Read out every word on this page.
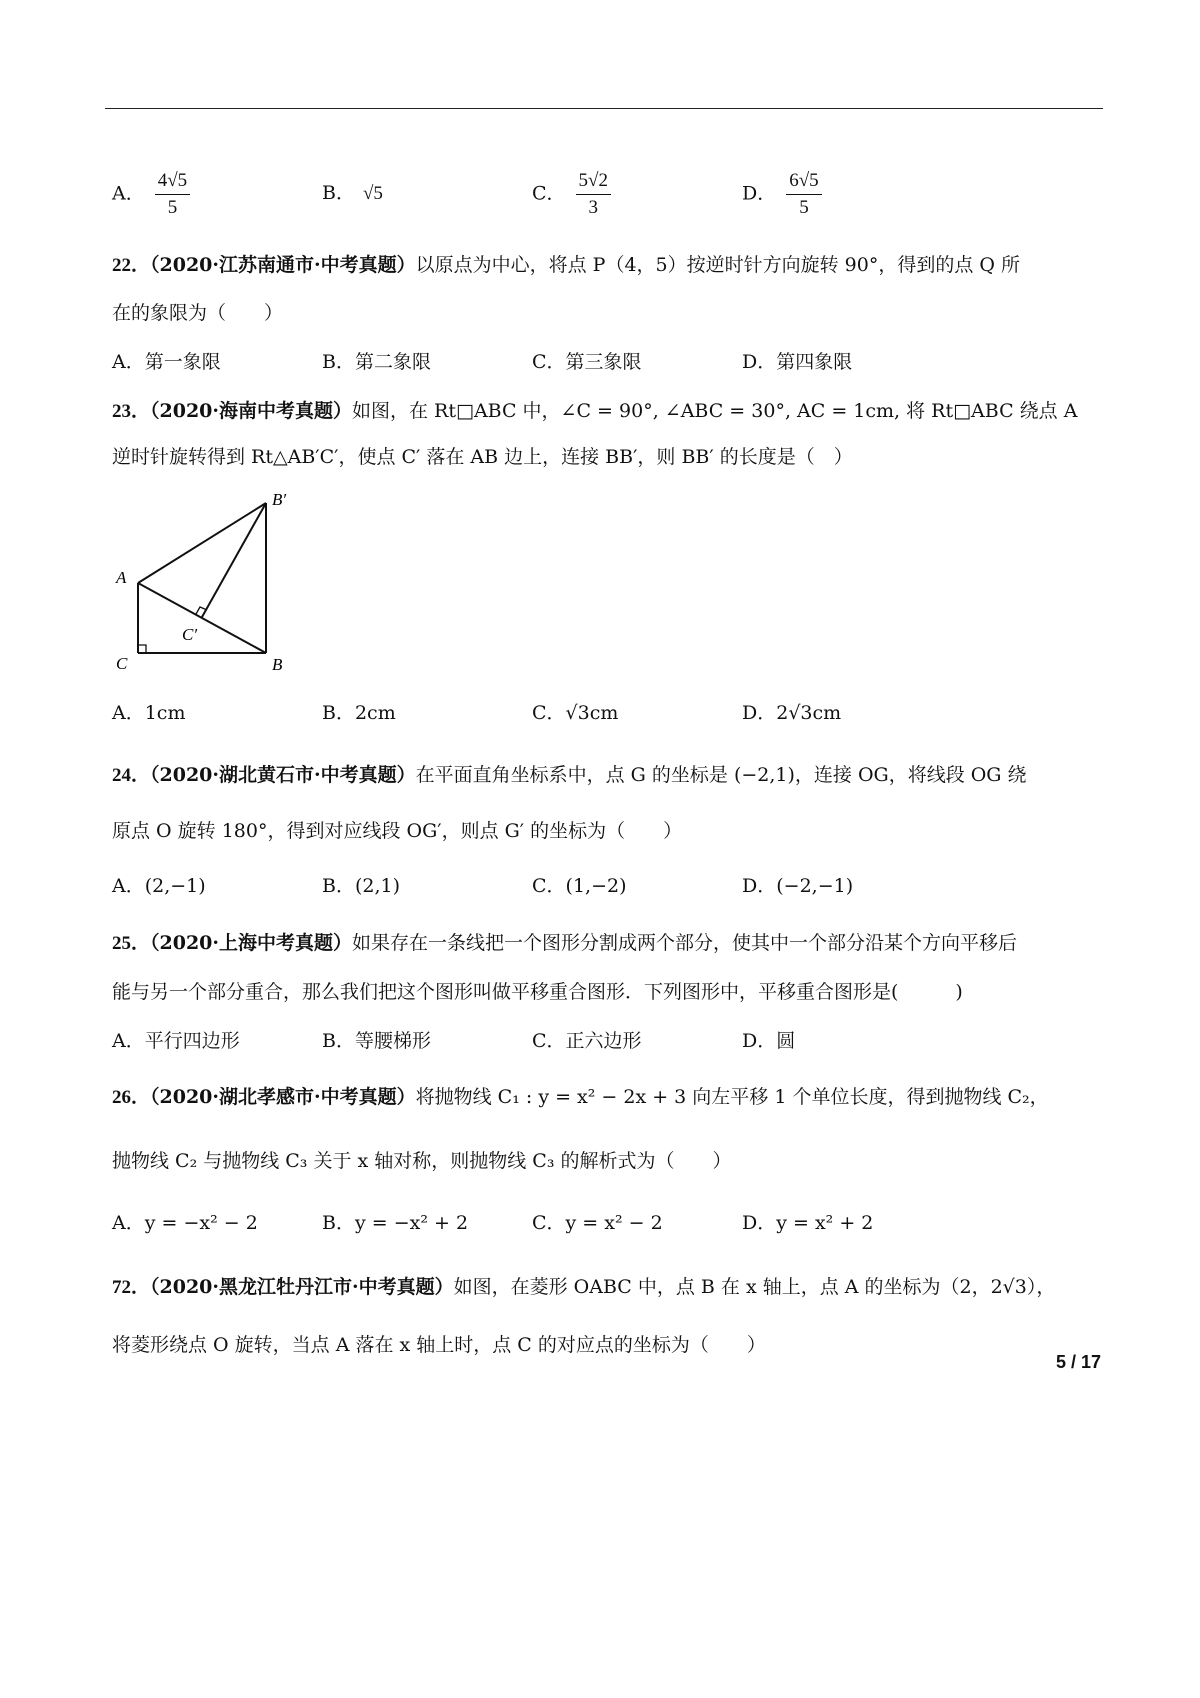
A． $\frac{4√5}{5}$	B． √5	C． $\frac{5√2}{3}$	D． $\frac{6√5}{5}$
22．（2020·江苏南通市·中考真题）以原点为中心，将点 P（4，5）按逆时针方向旋转 90°，得到的点 Q 所
在的象限为（　　）
A．第一象限	B．第二象限	C．第三象限	D．第四象限
23．（2020·海南中考真题）如图，在 Rt□ABC 中，∠C = 90°, ∠ABC = 30°, AC = 1cm, 将 Rt□ABC 绕点 A
逆时针旋转得到 Rt△AB′C′，使点 C′ 落在 AB 边上，连接 BB′，则 BB′ 的长度是（　）
A
B′
B
C
C′
A．1cm	B．2cm	C．√3cm	D．2√3cm
24．（2020·湖北黄石市·中考真题）在平面直角坐标系中，点 G 的坐标是 (−2,1)，连接 OG，将线段 OG 绕
原点 O 旋转 180°，得到对应线段 OG′，则点 G′ 的坐标为（　　）
A．(2,−1)	B．(2,1)	C．(1,−2)	D．(−2,−1)
25．（2020·上海中考真题）如果存在一条线把一个图形分割成两个部分，使其中一个部分沿某个方向平移后
能与另一个部分重合，那么我们把这个图形叫做平移重合图形．下列图形中，平移重合图形是(　　　)
A．平行四边形	B．等腰梯形	C．正六边形	D．圆
26．（2020·湖北孝感市·中考真题）将抛物线 C₁ : y = x² − 2x + 3 向左平移 1 个单位长度，得到抛物线 C₂，
抛物线 C₂ 与抛物线 C₃ 关于 x 轴对称，则抛物线 C₃ 的解析式为（　　）
A．y = −x² − 2	B．y = −x² + 2	C．y = x² − 2	D．y = x² + 2
72．（2020·黑龙江牡丹江市·中考真题）如图，在菱形 OABC 中，点 B 在 x 轴上，点 A 的坐标为（2，2√3），
将菱形绕点 O 旋转，当点 A 落在 x 轴上时，点 C 的对应点的坐标为（　　）
5 / 17
